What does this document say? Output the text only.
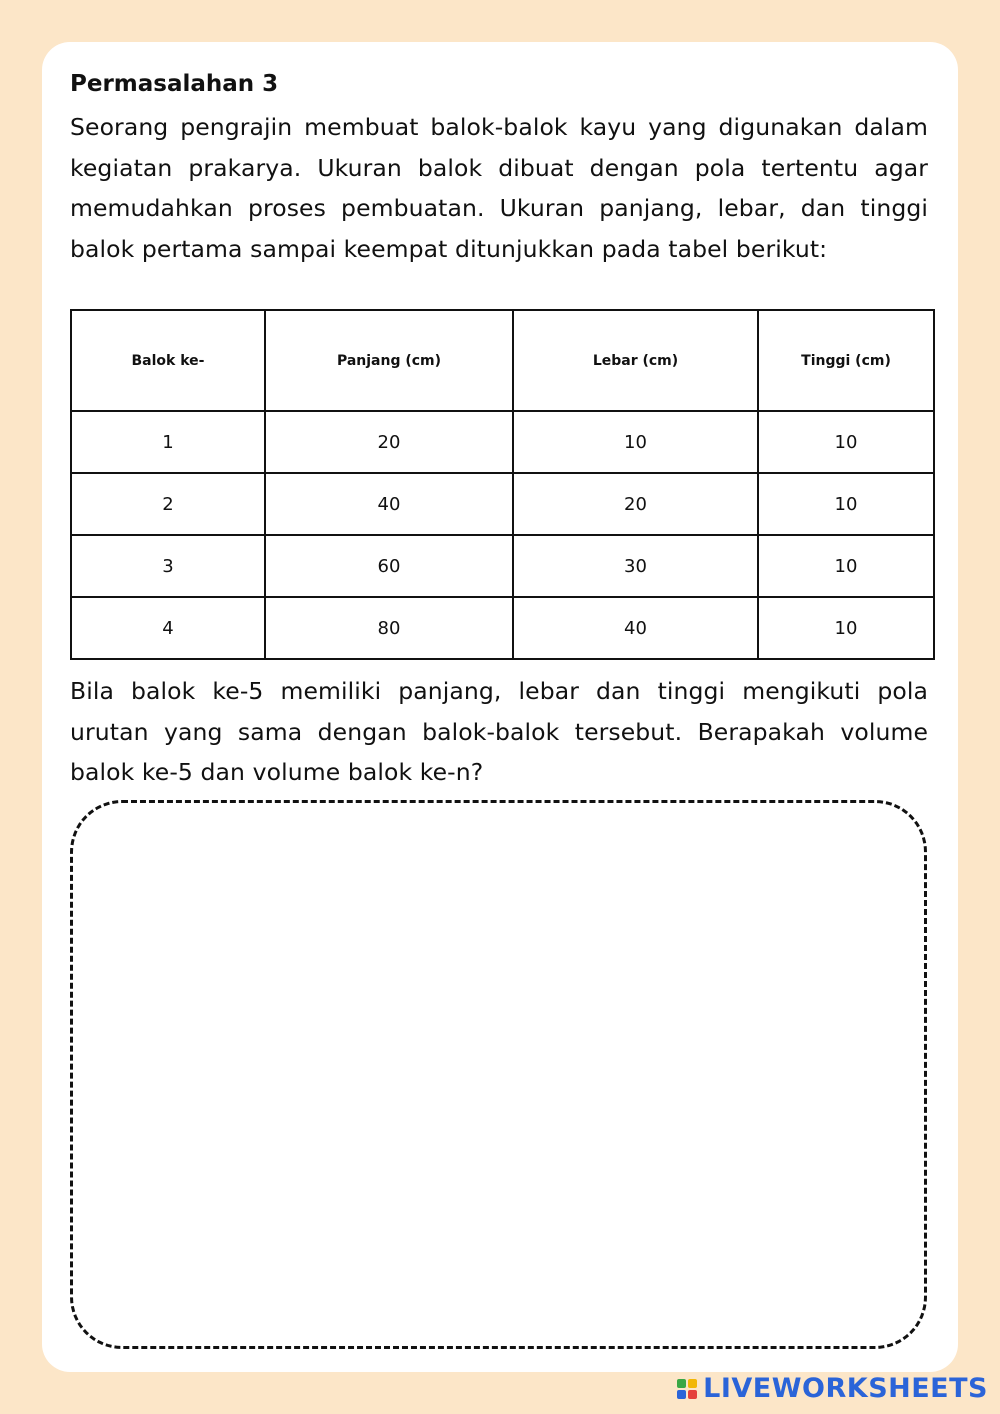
Permasalahan 3

Seorang pengrajin membuat balok-balok kayu yang digunakan dalam kegiatan prakarya. Ukuran balok dibuat dengan pola tertentu agar memudahkan proses pembuatan. Ukuran panjang, lebar, dan tinggi balok pertama sampai keempat ditunjukkan pada tabel berikut:

Balok ke-	Panjang (cm)	Lebar (cm)	Tinggi (cm)
1	20	10	10
2	40	20	10
3	60	30	10
4	80	40	10

Bila balok ke-5 memiliki panjang, lebar dan tinggi mengikuti pola urutan yang sama dengan balok-balok tersebut. Berapakah volume balok ke-5 dan volume balok ke-n?

LIVEWORKSHEETS
